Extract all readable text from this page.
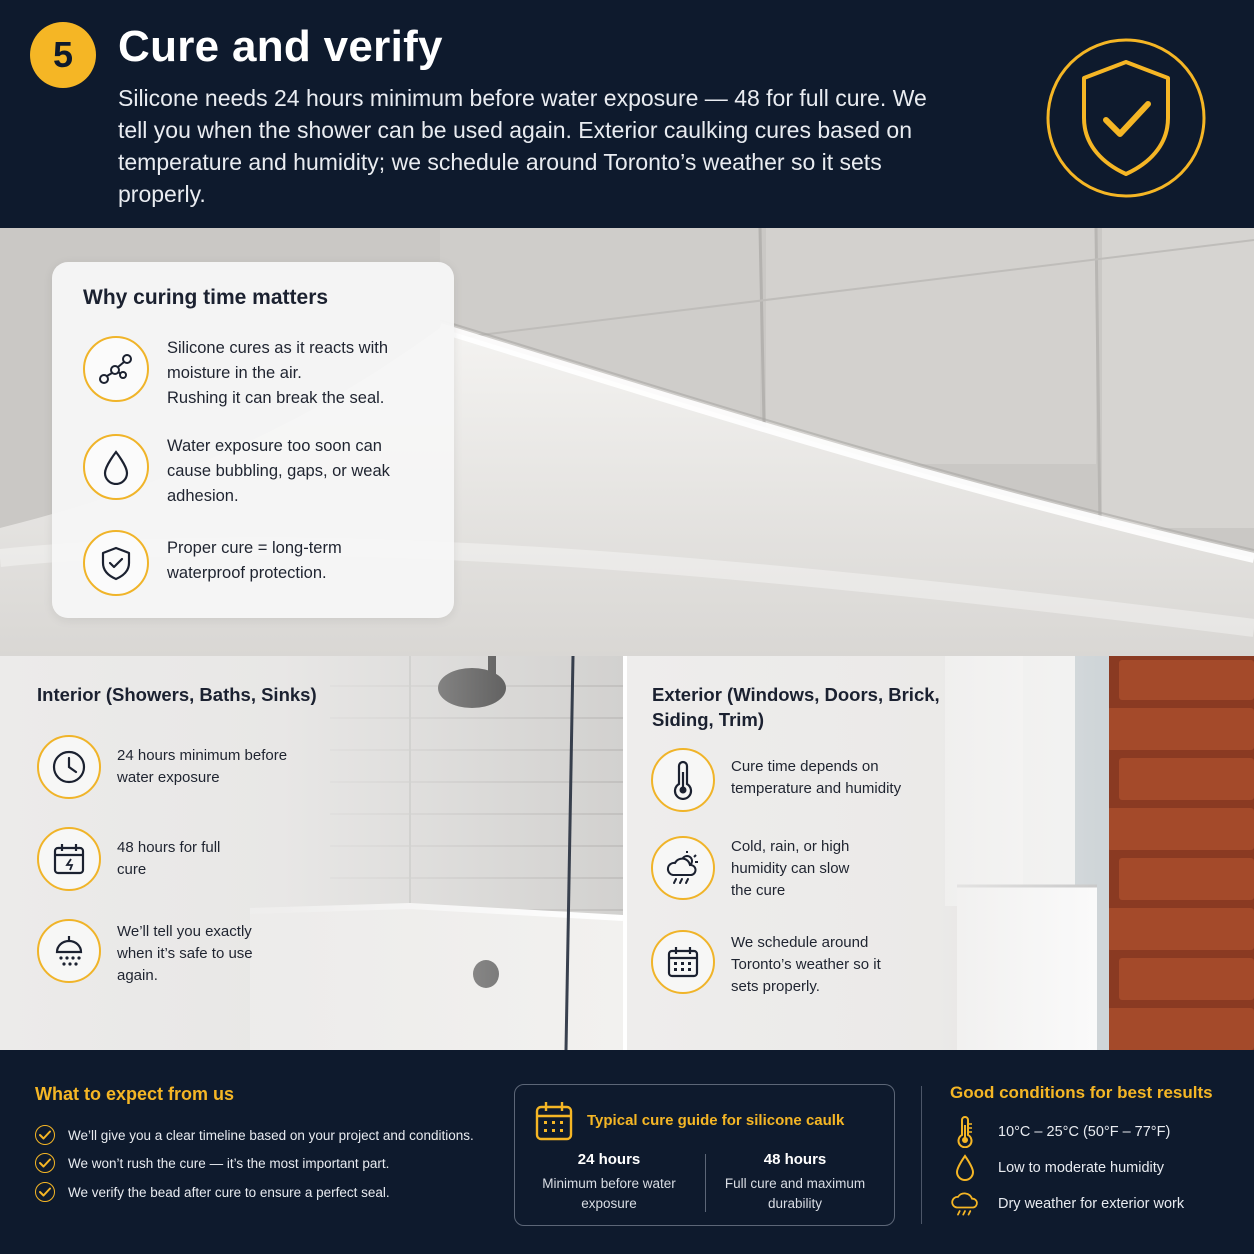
5	Cure and verify

Silicone needs 24 hours minimum before water exposure — 48 for full cure. We tell you when the shower can be used again. Exterior caulking cures based on temperature and humidity; we schedule around Toronto’s weather so it sets properly.

Why curing time matters
Silicone cures as it reacts with moisture in the air.
Rushing it can break the seal.
Water exposure too soon can cause bubbling, gaps, or weak adhesion.
Proper cure = long-term waterproof protection.
Interior (Showers, Baths, Sinks)
24 hours minimum before water exposure
48 hours for full cure
We’ll tell you exactly when it’s safe to use again.
Exterior (Windows, Doors, Brick, Siding, Trim)
Cure time depends on temperature and humidity
Cold, rain, or high humidity can slow the cure
We schedule around Toronto’s weather so it sets properly.
What to expect from us	Good conditions for best results
We’ll give you a clear timeline based on your project and conditions.
We won’t rush the cure — it’s the most important part.
We verify the bead after cure to ensure a perfect seal.
Typical cure guide for silicone caulk
24 hours
Minimum before water exposure
48 hours
Full cure and maximum durability
10°C – 25°C (50°F – 77°F)
Low to moderate humidity
Dry weather for exterior work
